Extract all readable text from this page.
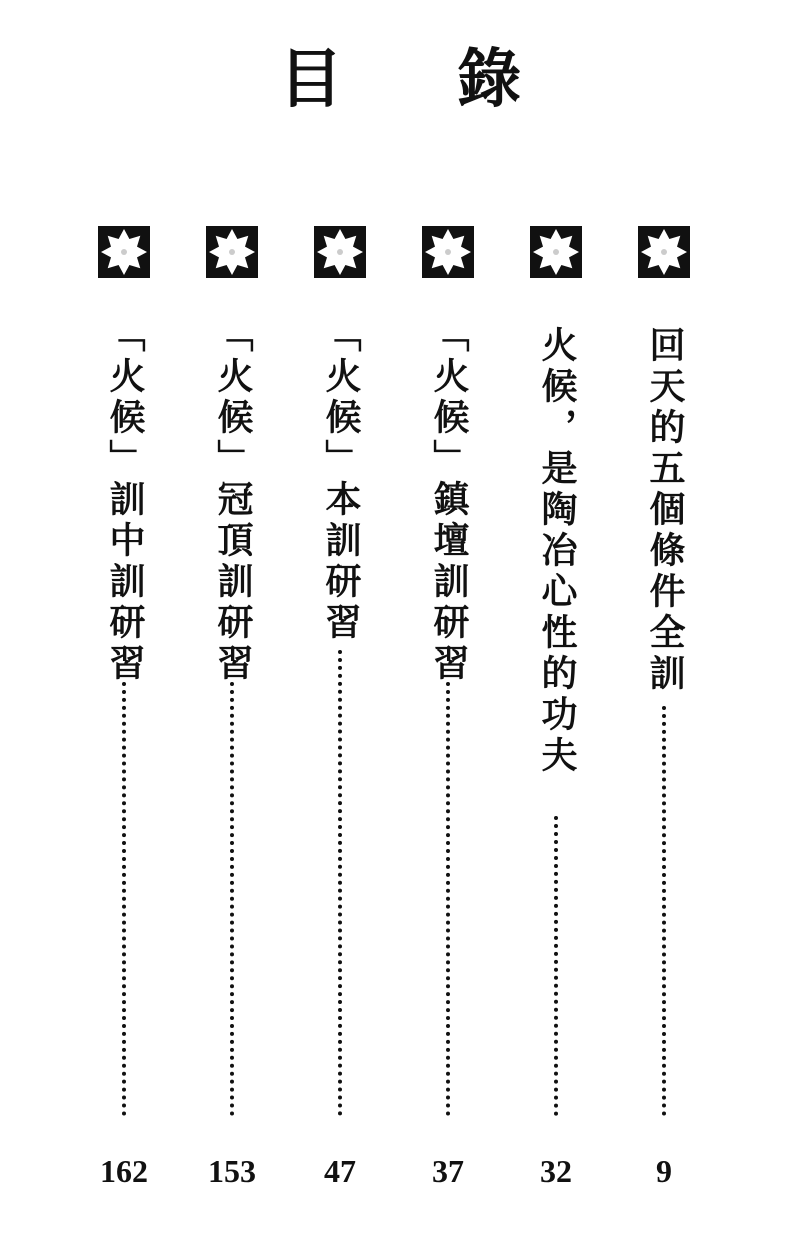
目 錄
「火候」訓中訓研習
162
「火候」冠頂訓研習
153
「火候」本訓研習
47
「火候」鎮壇訓研習
37
火候，是陶冶心性的功夫
32
回天的五個條件全訓
9
